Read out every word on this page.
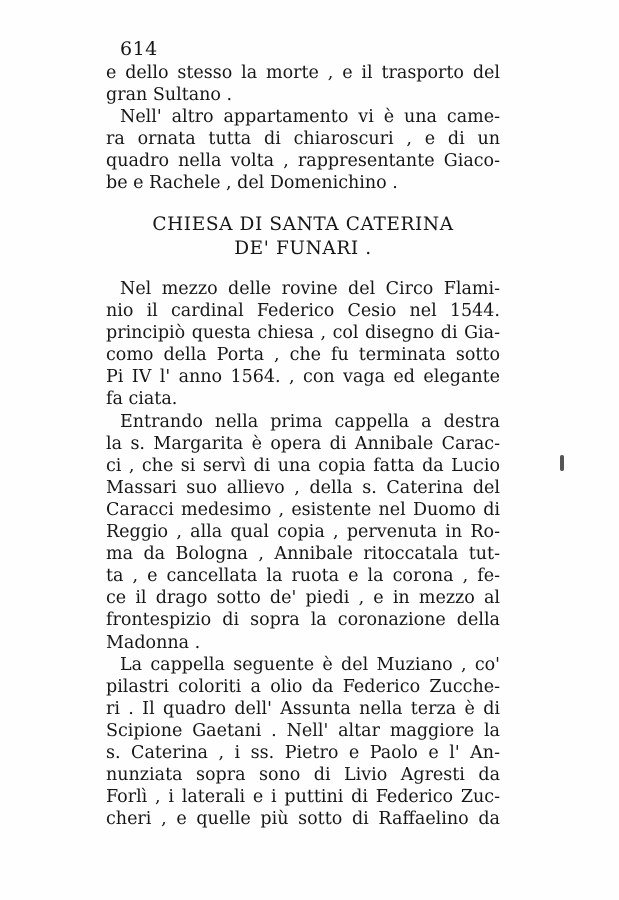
614
e dello stesso la morte , e il trasporto del
gran Sultano .
Nell' altro appartamento vi è una came-
ra ornata tutta di chiaroscuri , e di un
quadro nella volta , rappresentante Giaco-
be e Rachele , del Domenichino .
CHIESA DI SANTA CATERINA
DE' FUNARI .
Nel mezzo delle rovine del Circo Flami-
nio il cardinal Federico Cesio nel 1544.
principiò questa chiesa , col disegno di Gia-
como della Porta , che fu terminata sotto
Pi IV l' anno 1564. , con vaga ed elegante
fa ciata.
Entrando nella prima cappella a destra
la s. Margarita è opera di Annibale Carac-
ci , che si servì di una copia fatta da Lucio
Massari suo allievo , della s. Caterina del
Caracci medesimo , esistente nel Duomo di
Reggio , alla qual copia , pervenuta in Ro-
ma da Bologna , Annibale ritoccatala tut-
ta , e cancellata la ruota e la corona , fe-
ce il drago sotto de' piedi , e in mezzo al
frontespizio di sopra la coronazione della
Madonna .
La cappella seguente è del Muziano , co'
pilastri coloriti a olio da Federico Zucche-
ri . Il quadro dell' Assunta nella terza è di
Scipione Gaetani . Nell' altar maggiore la
s. Caterina , i ss. Pietro e Paolo e l' An-
nunziata sopra sono di Livio Agresti da
Forlì , i laterali e i puttini di Federico Zuc-
cheri , e quelle più sotto di Raffaelino da
